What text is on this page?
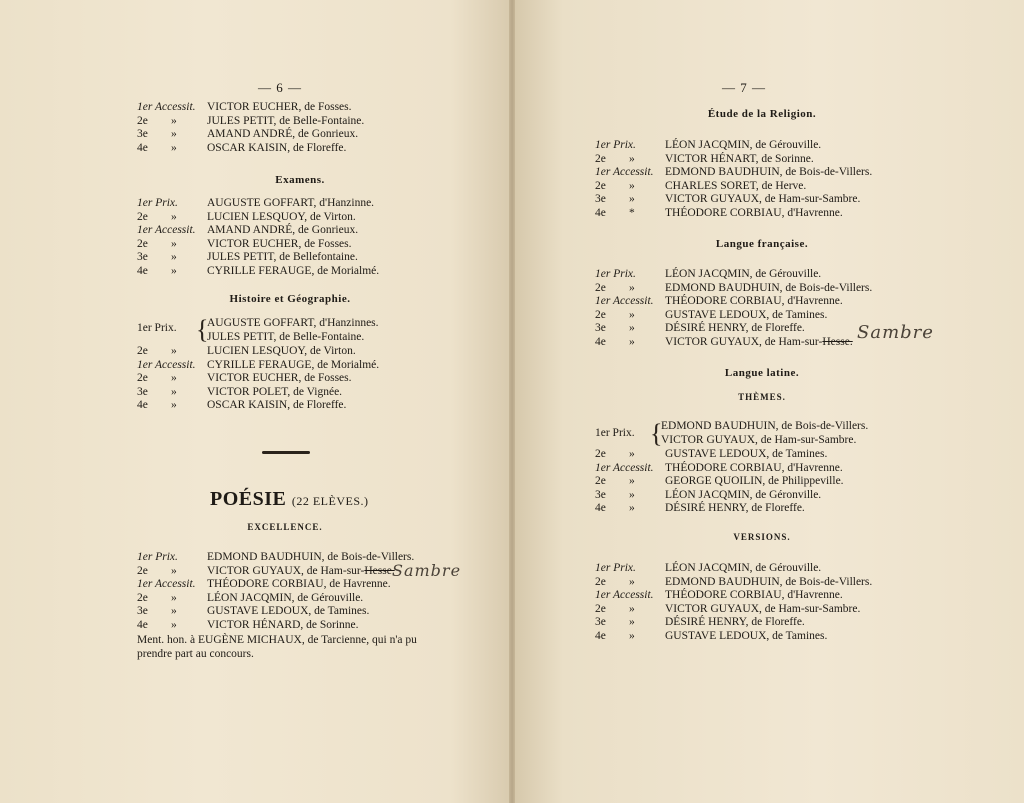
— 6 —
1er Accessit. VICTOR EUCHER, de Fosses.
2e	»	JULES PETIT, de Belle-Fontaine.
3e	»	AMAND ANDRÉ, de Gonrieux.
4e	»	OSCAR KAISIN, de Floreffe.
Examens.
1er Prix.	AUGUSTE GOFFART, d'Hanzinne.
2e	»	LUCIEN LESQUOY, de Virton.
1er Accessit. AMAND ANDRÉ, de Gonrieux.
2e	»	VICTOR EUCHER, de Fosses.
3e	»	JULES PETIT, de Bellefontaine.
4e	»	CYRILLE FERAUGE, de Morialmé.
Histoire et Géographie.
1er Prix. {
AUGUSTE GOFFART, d'Hanzinnes.
JULES PETIT, de Belle-Fontaine.
2e	»	LUCIEN LESQUOY, de Virton.
1er Accessit. CYRILLE FERAUGE, de Morialmé.
2e	»	VICTOR EUCHER, de Fosses.
3e	»	VICTOR POLET, de Vignée.
4e	»	OSCAR KAISIN, de Floreffe.
POÉSIE (22 ELÈVES.)
EXCELLENCE.
1er Prix.	EDMOND BAUDHUIN, de Bois-de-Villers.
2e	»	VICTOR GUYAUX, de Ham-sur-Hesse.
1er Accessit. THÉODORE CORBIAU, de Havrenne.
2e	»	LÉON JACQMIN, de Gérouville.
3e	»	GUSTAVE LEDOUX, de Tamines.
4e	»	VICTOR HÉNARD, de Sorinne.
Sambre
Ment. hon. à EUGÈNE MICHAUX, de Tarcienne, qui n'a pu
prendre part au concours.
— 7 —
Étude de la Religion.
1er Prix.	LÉON JACQMIN, de Gérouville.
2e	»	VICTOR HÉNART, de Sorinne.
1er Accessit. EDMOND BAUDHUIN, de Bois-de-Villers.
2e	»	CHARLES SORET, de Herve.
3e	»	VICTOR GUYAUX, de Ham-sur-Sambre.
4e	*	THÉODORE CORBIAU, d'Havrenne.
Langue française.
1er Prix.	LÉON JACQMIN, de Gérouville.
2e	»	EDMOND BAUDHUIN, de Bois-de-Villers.
1er Accessit. THÉODORE CORBIAU, d'Havrenne.
2e	»	GUSTAVE LEDOUX, de Tamines.
3e	»	DÉSIRÉ HENRY, de Floreffe.
4e	»	VICTOR GUYAUX, de Ham-sur-Hesse. Sambre
Langue latine.
THÈMES.
1er Prix. {
EDMOND BAUDHUIN, de Bois-de-Villers.
VICTOR GUYAUX, de Ham-sur-Sambre.
2e	»	GUSTAVE LEDOUX, de Tamines.
1er Accessit. THÉODORE CORBIAU, d'Havrenne.
2e	»	GEORGE QUOILIN, de Philippeville.
3e	»	LÉON JACQMIN, de Géronville.
4e	»	DÉSIRÉ HENRY, de Floreffe.
VERSIONS.
1er Prix.	LÉON JACQMIN, de Gérouville.
2e	»	EDMOND BAUDHUIN, de Bois-de-Villers.
1er Accessit. THÉODORE CORBIAU, d'Havrenne.
2e	»	VICTOR GUYAUX, de Ham-sur-Sambre.
3e	»	DÉSIRÉ HENRY, de Floreffe.
4e	»	GUSTAVE LEDOUX, de Tamines.
